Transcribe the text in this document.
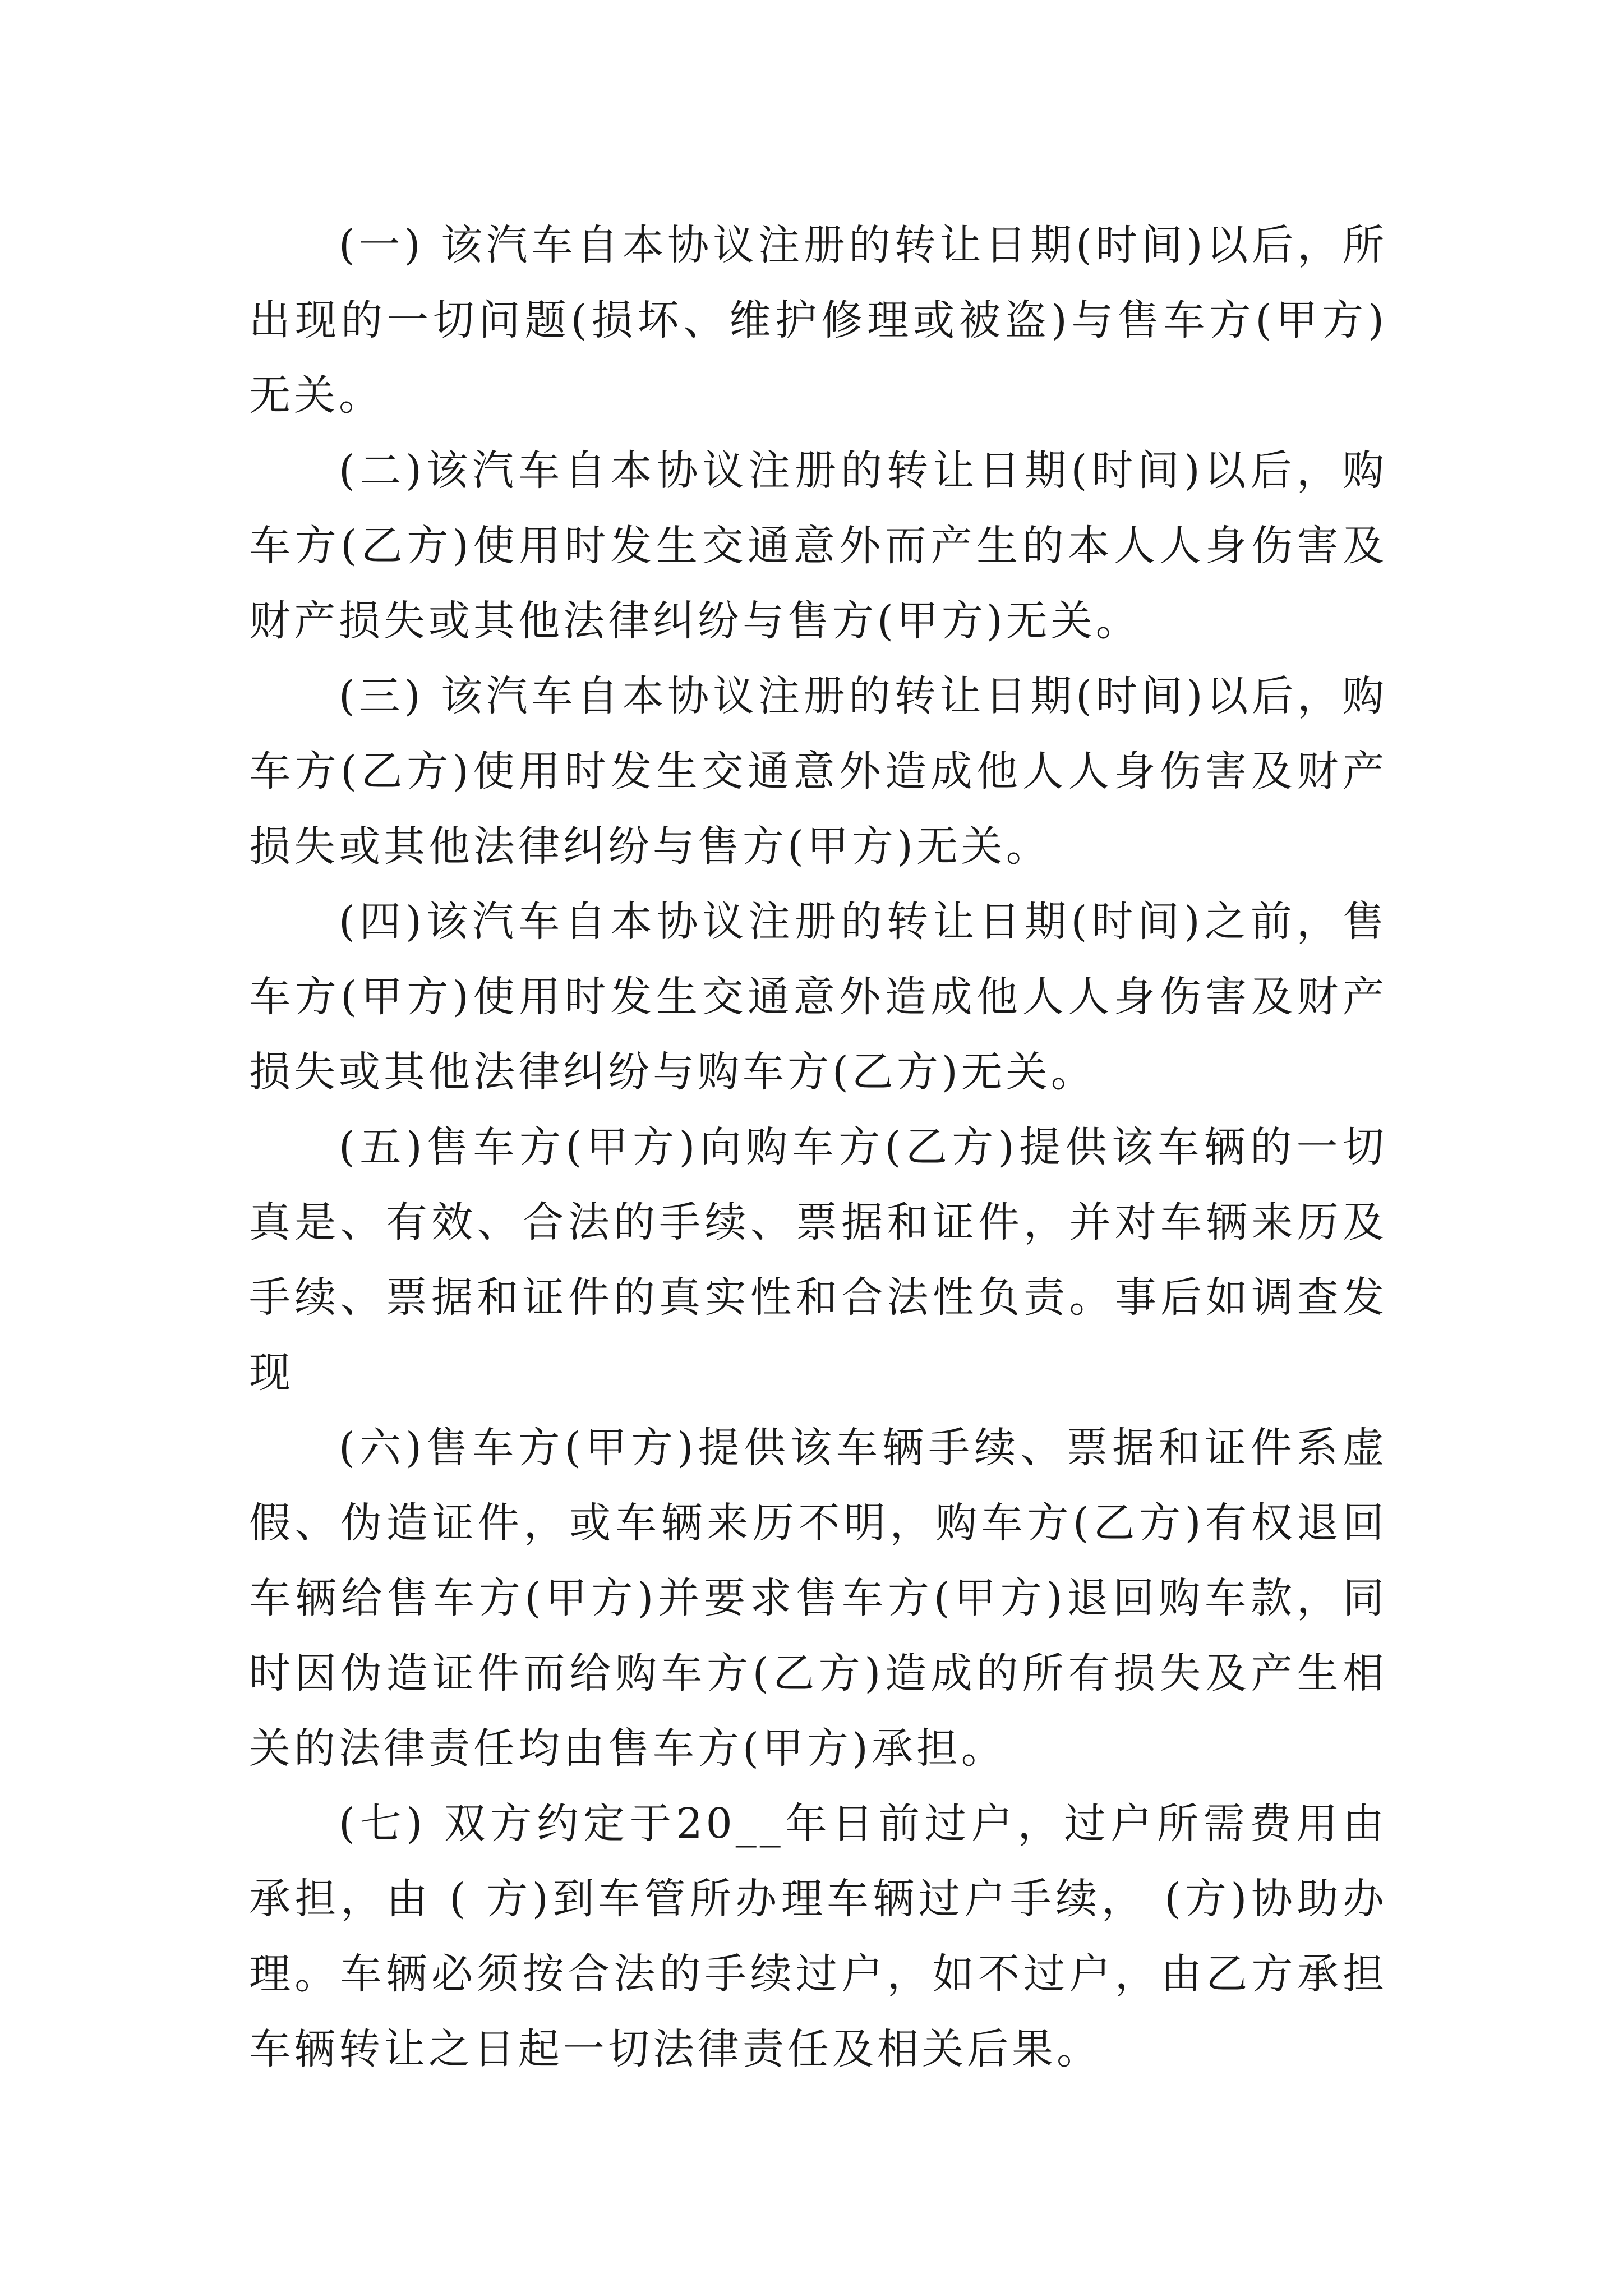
(一) 该汽车自本协议注册的转让日期(时间)以后，所出现的一切问题(损坏、维护修理或被盗)与售车方(甲方)无关。

(二)该汽车自本协议注册的转让日期(时间)以后，购车方(乙方)使用时发生交通意外而产生的本人人身伤害及财产损失或其他法律纠纷与售方(甲方)无关。

(三) 该汽车自本协议注册的转让日期(时间)以后，购车方(乙方)使用时发生交通意外造成他人人身伤害及财产损失或其他法律纠纷与售方(甲方)无关。

(四)该汽车自本协议注册的转让日期(时间)之前，售车方(甲方)使用时发生交通意外造成他人人身伤害及财产损失或其他法律纠纷与购车方(乙方)无关。

(五)售车方(甲方)向购车方(乙方)提供该车辆的一切真是、有效、合法的手续、票据和证件，并对车辆来历及手续、票据和证件的真实性和合法性负责。事后如调查发现

(六)售车方(甲方)提供该车辆手续、票据和证件系虚假、伪造证件，或车辆来历不明，购车方(乙方)有权退回车辆给售车方(甲方)并要求售车方(甲方)退回购车款，同时因伪造证件而给购车方(乙方)造成的所有损失及产生相关的法律责任均由售车方(甲方)承担。

(七) 双方约定于20__年日前过户，过户所需费用由承担，由 ( 方)到车管所办理车辆过户手续， (方)协助办理。车辆必须按合法的手续过户，如不过户，由乙方承担车辆转让之日起一切法律责任及相关后果。
